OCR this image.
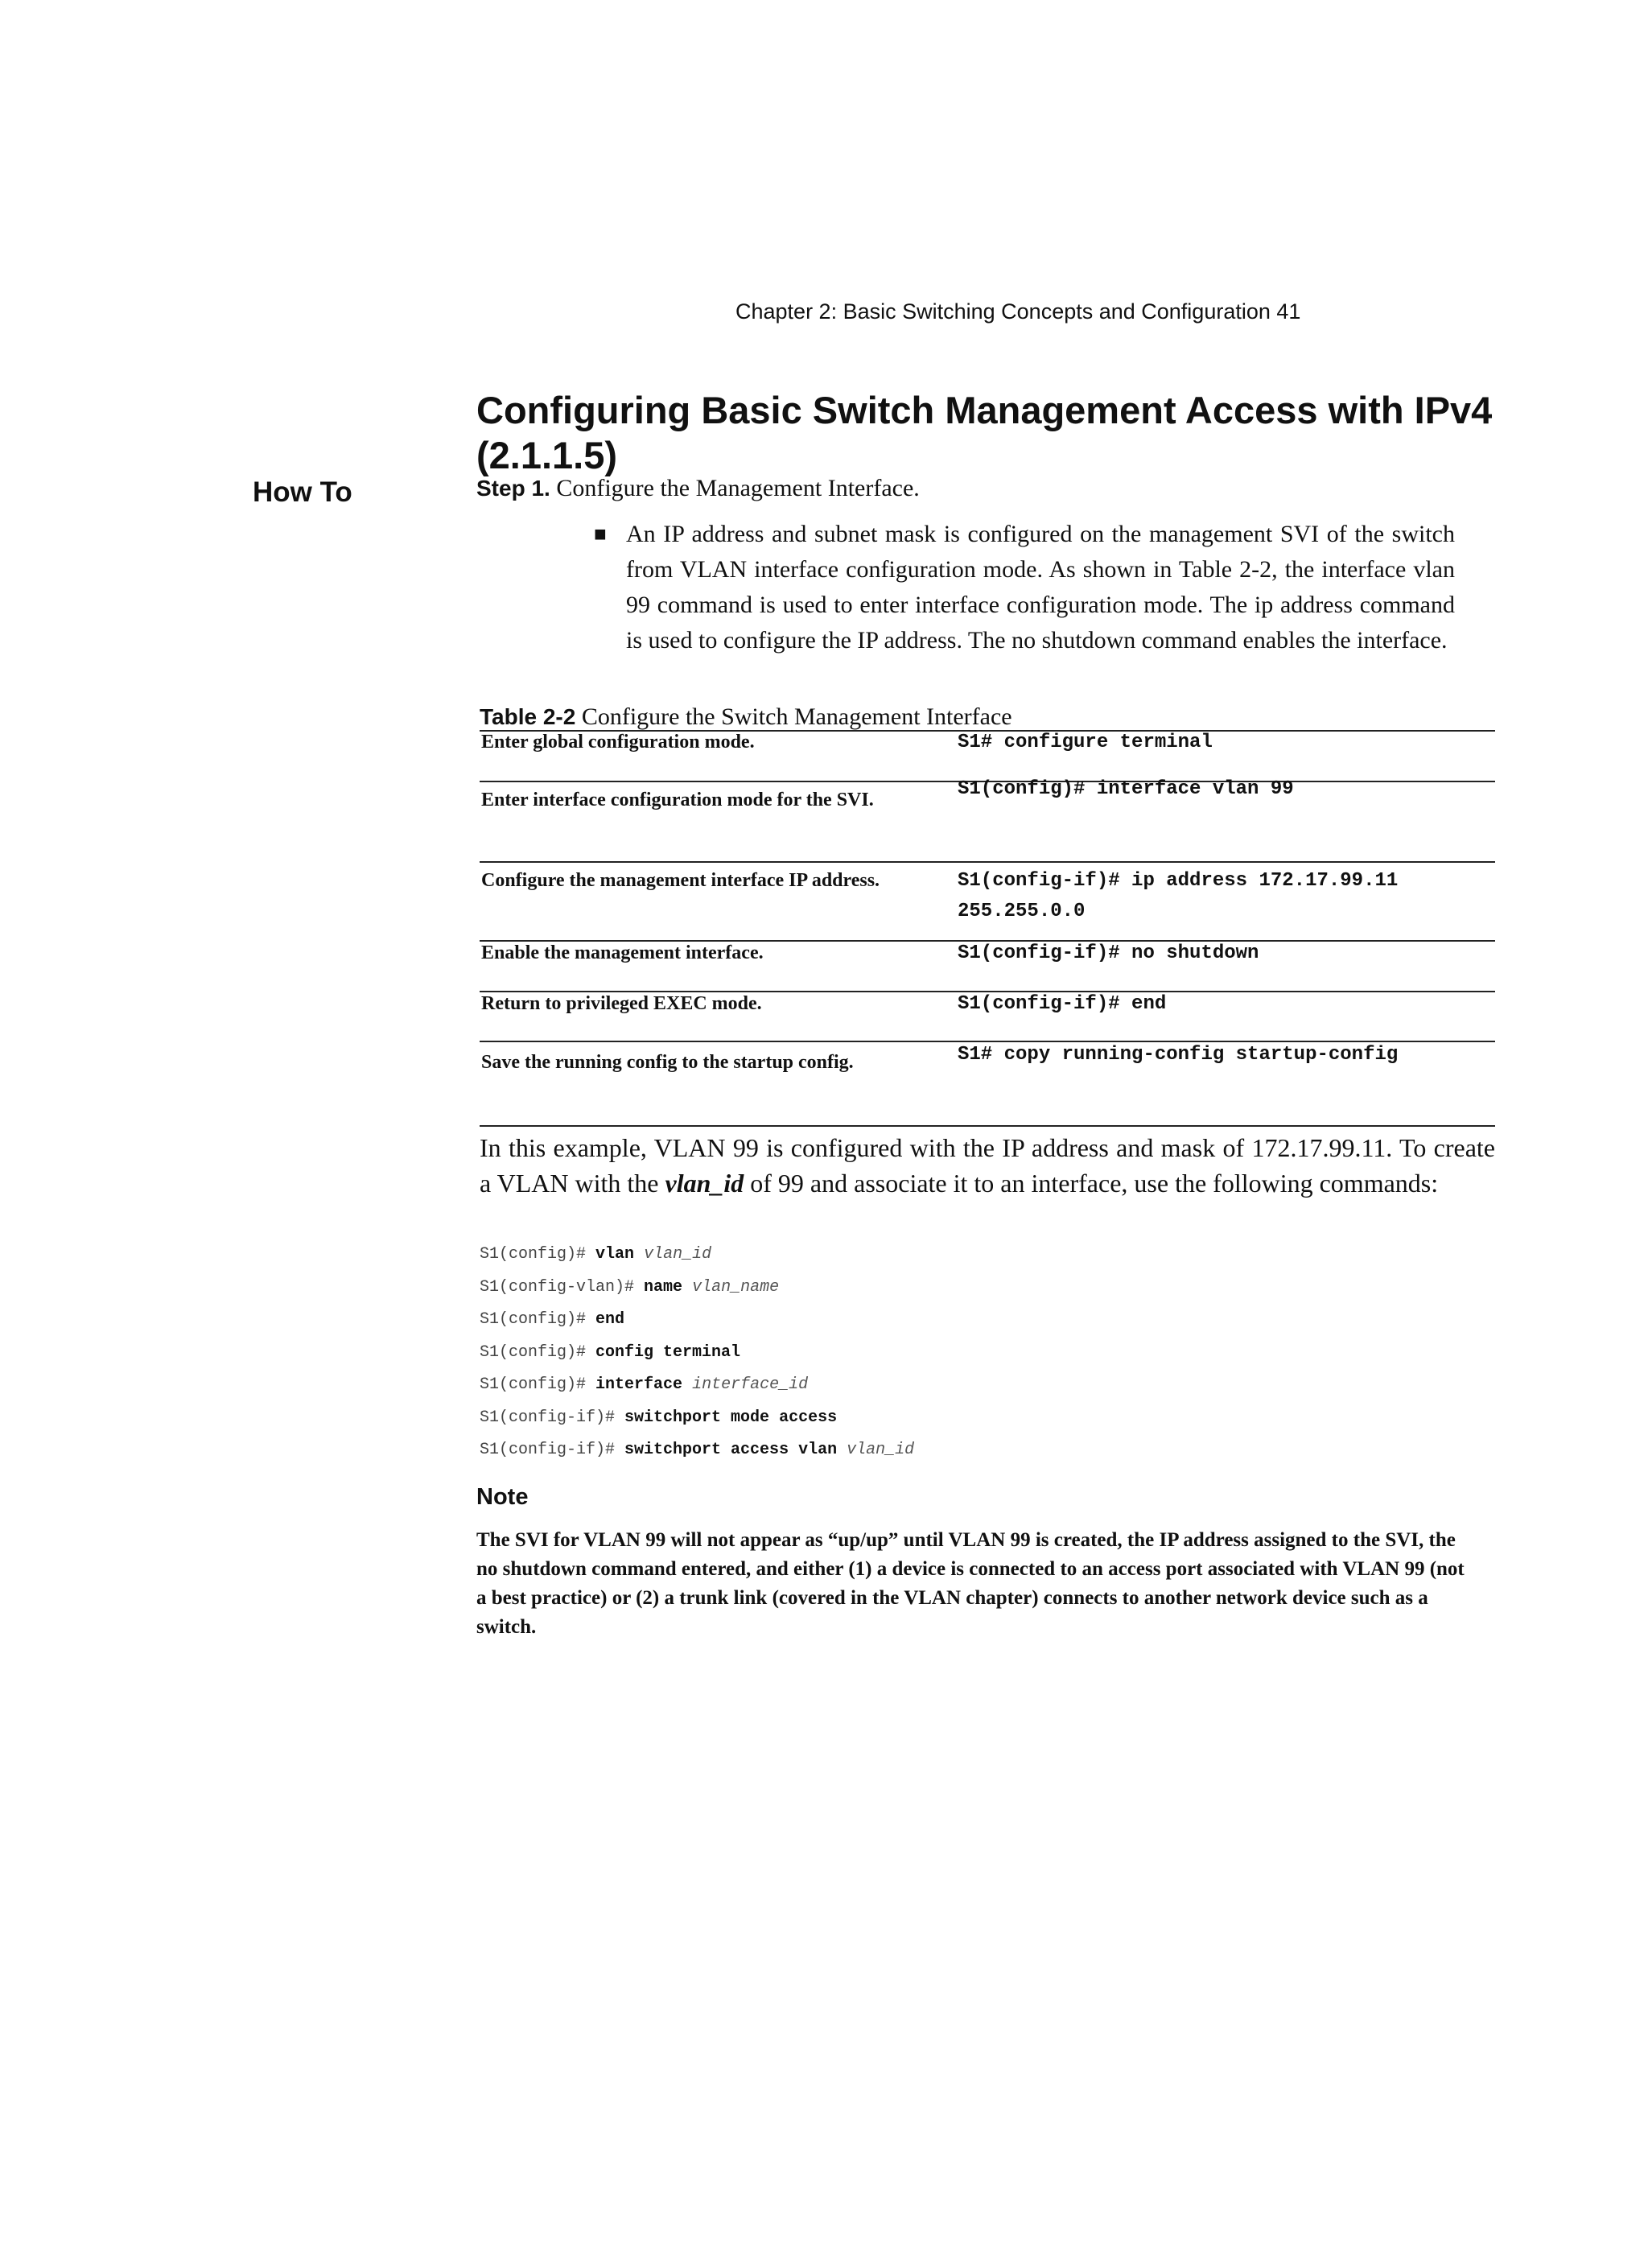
Chapter 2: Basic Switching Concepts and Configuration 41
Configuring Basic Switch Management Access with IPv4 (2.1.1.5)
How To	Step 1. Configure the Management Interface.
■ An IP address and subnet mask is configured on the management SVI of the switch from VLAN interface configuration mode. As shown in Table 2-2, the interface vlan 99 command is used to enter interface configuration mode. The ip address command is used to configure the IP address. The no shutdown command enables the interface.
Table 2-2 Configure the Switch Management Interface
Enter global configuration mode.	S1# configure terminal
Enter interface configuration mode for the SVI.	S1(config)# interface vlan 99
Configure the management interface IP address.	S1(config-if)# ip address 172.17.99.11 255.255.0.0
Enable the management interface.	S1(config-if)# no shutdown
Return to privileged EXEC mode.	S1(config-if)# end
Save the running config to the startup config.	S1# copy running-config startup-config
In this example, VLAN 99 is configured with the IP address and mask of 172.17.99.11. To create a VLAN with the vlan_id of 99 and associate it to an interface, use the following commands:
S1(config)# vlan vlan_id
S1(config-vlan)# name vlan_name
S1(config)# end
S1(config)# config terminal
S1(config)# interface interface_id
S1(config-if)# switchport mode access
S1(config-if)# switchport access vlan vlan_id
Note
The SVI for VLAN 99 will not appear as “up/up” until VLAN 99 is created, the IP address assigned to the SVI, the no shutdown command entered, and either (1) a device is connected to an access port associated with VLAN 99 (not a best practice) or (2) a trunk link (covered in the VLAN chapter) connects to another network device such as a switch.
